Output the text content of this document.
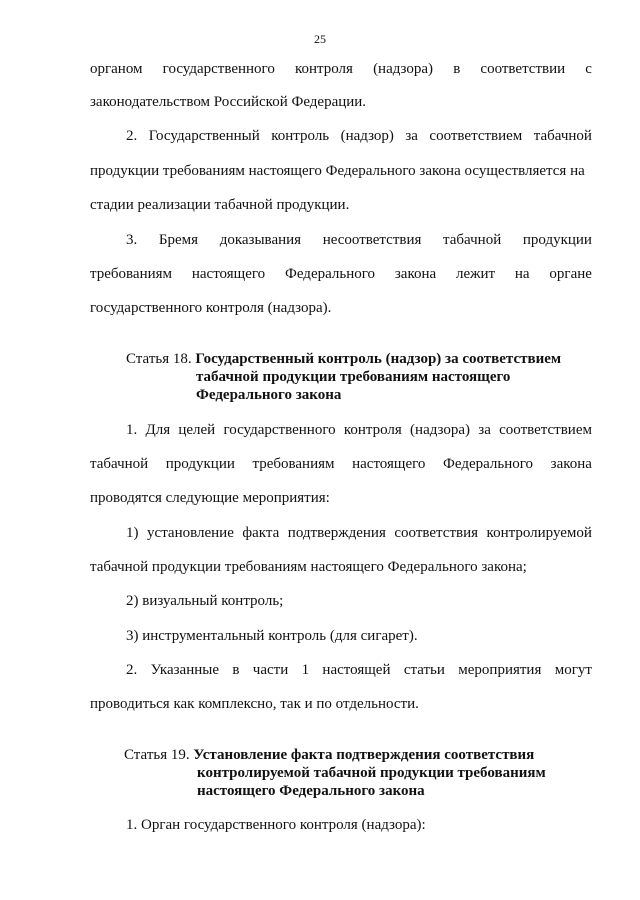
25
органом государственного контроля (надзора) в соответствии с
законодательством Российской Федерации.
2. Государственный контроль (надзор) за соответствием табачной
продукции требованиям настоящего Федерального закона осуществляется на
стадии реализации табачной продукции.
3. Бремя доказывания несоответствия табачной продукции
требованиям настоящего Федерального закона лежит на органе
государственного контроля (надзора).
Статья 18. Государственный контроль (надзор) за соответствием
табачной продукции требованиям настоящего
Федерального закона
1. Для целей государственного контроля (надзора) за соответствием
табачной продукции требованиям настоящего Федерального закона
проводятся следующие мероприятия:
1) установление факта подтверждения соответствия контролируемой
табачной продукции требованиям настоящего Федерального закона;
2) визуальный контроль;
3) инструментальный контроль (для сигарет).
2. Указанные в части 1 настоящей статьи мероприятия могут
проводиться как комплексно, так и по отдельности.
Статья 19. Установление факта подтверждения соответствия
контролируемой табачной продукции требованиям
настоящего Федерального закона
1. Орган государственного контроля (надзора):
